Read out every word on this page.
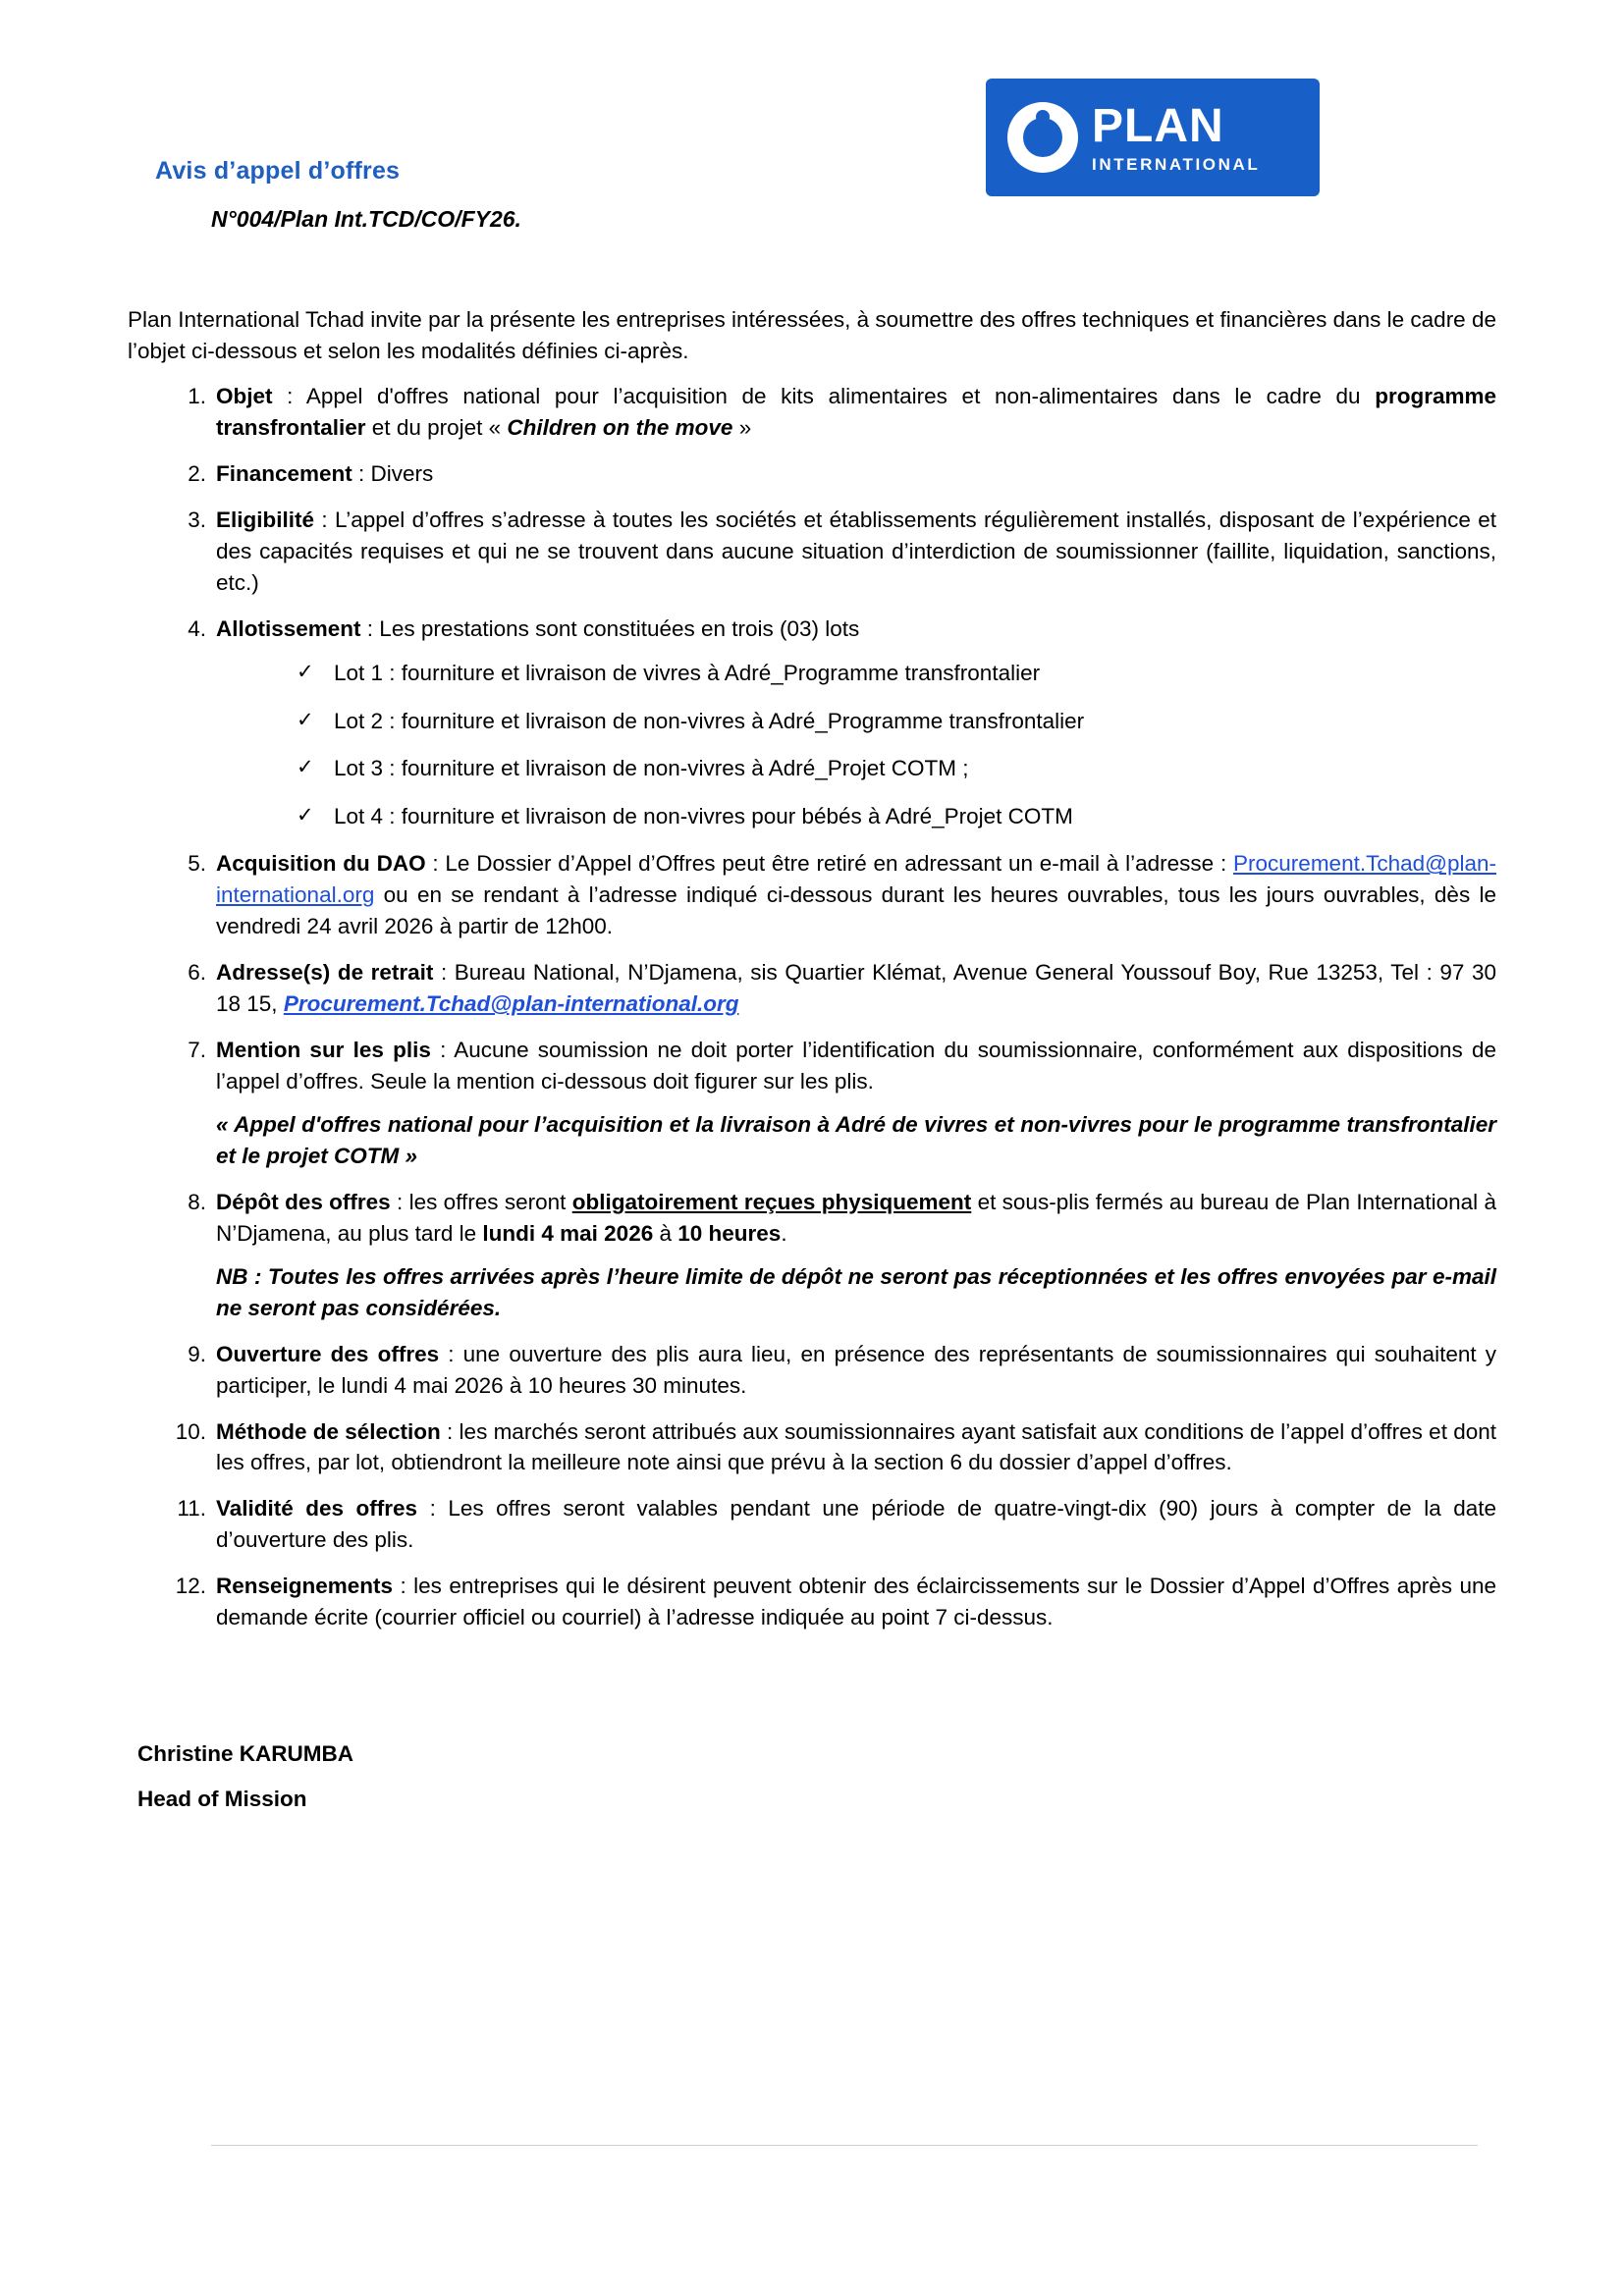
Avis d’appel d’offres
N°004/Plan Int.TCD/CO/FY26.
PLAN
INTERNATIONAL

Plan International Tchad invite par la présente les entreprises intéressées, à soumettre des offres techniques et financières dans le cadre de l’objet ci-dessous et selon les modalités définies ci-après.

Objet : Appel d'offres national pour l’acquisition de kits alimentaires et non-alimentaires dans le cadre du programme transfrontalier et du projet « Children on the move »
Financement : Divers
Eligibilité : L’appel d’offres s’adresse à toutes les sociétés et établissements régulièrement installés, disposant de l’expérience et des capacités requises et qui ne se trouvent dans aucune situation d’interdiction de soumissionner (faillite, liquidation, sanctions, etc.)
Allotissement : Les prestations sont constituées en trois (03) lots
✓ Lot 1 : fourniture et livraison de vivres à Adré_Programme transfrontalier
✓ Lot 2 : fourniture et livraison de non-vivres à Adré_Programme transfrontalier
✓ Lot 3 : fourniture et livraison de non-vivres à Adré_Projet COTM ;
✓ Lot 4 : fourniture et livraison de non-vivres pour bébés à Adré_Projet COTM
Acquisition du DAO : Le Dossier d’Appel d’Offres peut être retiré en adressant un e-mail à l’adresse : Procurement.Tchad@plan-international.org ou en se rendant à l’adresse indiqué ci-dessous durant les heures ouvrables, tous les jours ouvrables, dès le vendredi 24 avril 2026 à partir de 12h00.
Adresse(s) de retrait : Bureau National, N’Djamena, sis Quartier Klémat, Avenue General Youssouf Boy, Rue 13253, Tel : 97 30 18 15, Procurement.Tchad@plan-international.org
Mention sur les plis : Aucune soumission ne doit porter l’identification du soumissionnaire, conformément aux dispositions de l’appel d’offres. Seule la mention ci-dessous doit figurer sur les plis.
« Appel d'offres national pour l’acquisition et la livraison à Adré de vivres et non-vivres pour le programme transfrontalier et le projet COTM »
Dépôt des offres : les offres seront obligatoirement reçues physiquement et sous-plis fermés au bureau de Plan International à N’Djamena, au plus tard le lundi 4 mai 2026 à 10 heures.
NB : Toutes les offres arrivées après l’heure limite de dépôt ne seront pas réceptionnées et les offres envoyées par e-mail ne seront pas considérées.
Ouverture des offres : une ouverture des plis aura lieu, en présence des représentants de soumissionnaires qui souhaitent y participer, le lundi 4 mai 2026 à 10 heures 30 minutes.
Méthode de sélection : les marchés seront attribués aux soumissionnaires ayant satisfait aux conditions de l’appel d’offres et dont les offres, par lot, obtiendront la meilleure note ainsi que prévu à la section 6 du dossier d’appel d’offres.
Validité des offres : Les offres seront valables pendant une période de quatre-vingt-dix (90) jours à compter de la date d’ouverture des plis.
Renseignements : les entreprises qui le désirent peuvent obtenir des éclaircissements sur le Dossier d’Appel d’Offres après une demande écrite (courrier officiel ou courriel) à l’adresse indiquée au point 7 ci-dessus.
Christine KARUMBA
Head of Mission
